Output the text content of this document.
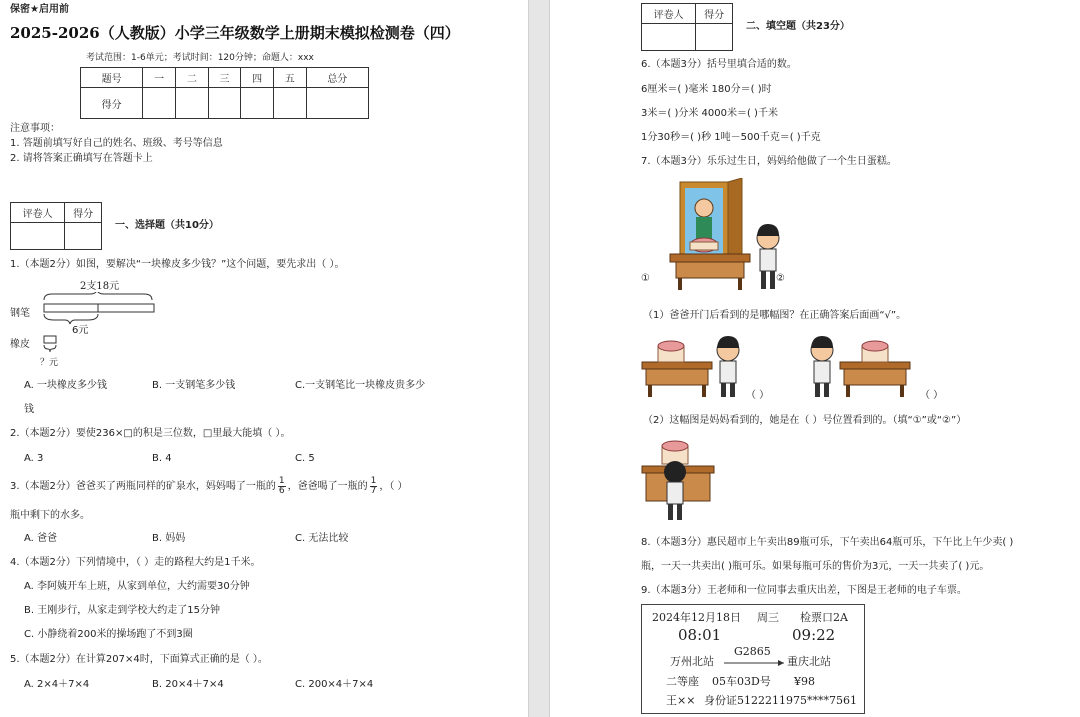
保密★启用前
2025-2026（人教版）小学三年级数学上册期末模拟检测卷（四）
考试范围：1-6单元；考试时间：120分钟；命题人：xxx
题号	一	二	三	四	五	总分
得分						
注意事项：
1. 答题前填写好自己的姓名、班级、考号等信息
2. 请将答案正确填写在答题卡上
评卷人	得分

一、选择题（共10分）
1.（本题2分）如图，要解决“一块橡皮多少钱？”这个问题，要先求出（ ）。
2支18元
钢笔
6元
橡皮
？元
A. 一块橡皮多少钱	B. 一支钢笔多少钱	C.一支钢笔比一块橡皮贵多少
钱
2.（本题2分）要使236×□的积是三位数，□里最大能填（ ）。
A. 3	B. 4	C. 5
3.（本题2分）爸爸买了两瓶同样的矿泉水，妈妈喝了一瓶的 $\frac{1}{6}$ ，爸爸喝了一瓶的 $\frac{1}{7}$ ，（ ）
瓶中剩下的水多。
A. 爸爸	B. 妈妈	C. 无法比较
4.（本题2分）下列情境中，（ ）走的路程大约是1千米。
A. 李阿姨开车上班，从家到单位，大约需要30分钟
B. 王刚步行，从家走到学校大约走了15分钟
C. 小静绕着200米的操场跑了不到3圈
5.（本题2分）在计算207×4时，下面算式正确的是（ ）。
A. 2×4＋7×4	B. 20×4＋7×4	C. 200×4＋7×4
评卷人	得分

二、填空题（共23分）
6.（本题3分）括号里填合适的数。
6厘米＝( )毫米 180分＝( )时
3米＝( )分米 4000米＝( )千米
1分30秒＝( )秒 1吨－500千克＝( )千克
7.（本题3分）乐乐过生日，妈妈给他做了一个生日蛋糕。
①	②
（1）爸爸开门后看到的是哪幅图？在正确答案后面画“√”。
（ ）	（ ）
（2）这幅图是妈妈看到的，她是在（ ）号位置看到的。（填“①”或“②”）
8.（本题3分）惠民超市上午卖出89瓶可乐，下午卖出64瓶可乐，下午比上午少卖( )
瓶，一天一共卖出( )瓶可乐。如果每瓶可乐的售价为3元，一天一共卖了( )元。
9.（本题3分）王老师和一位同事去重庆出差，下图是王老师的电子车票。
2024年12月18日 周三 检票口2A
08:01	09:22
G2865
万州北站	重庆北站
二等座 05车03D号 ¥98
王×× 身份证5122211975****7561
